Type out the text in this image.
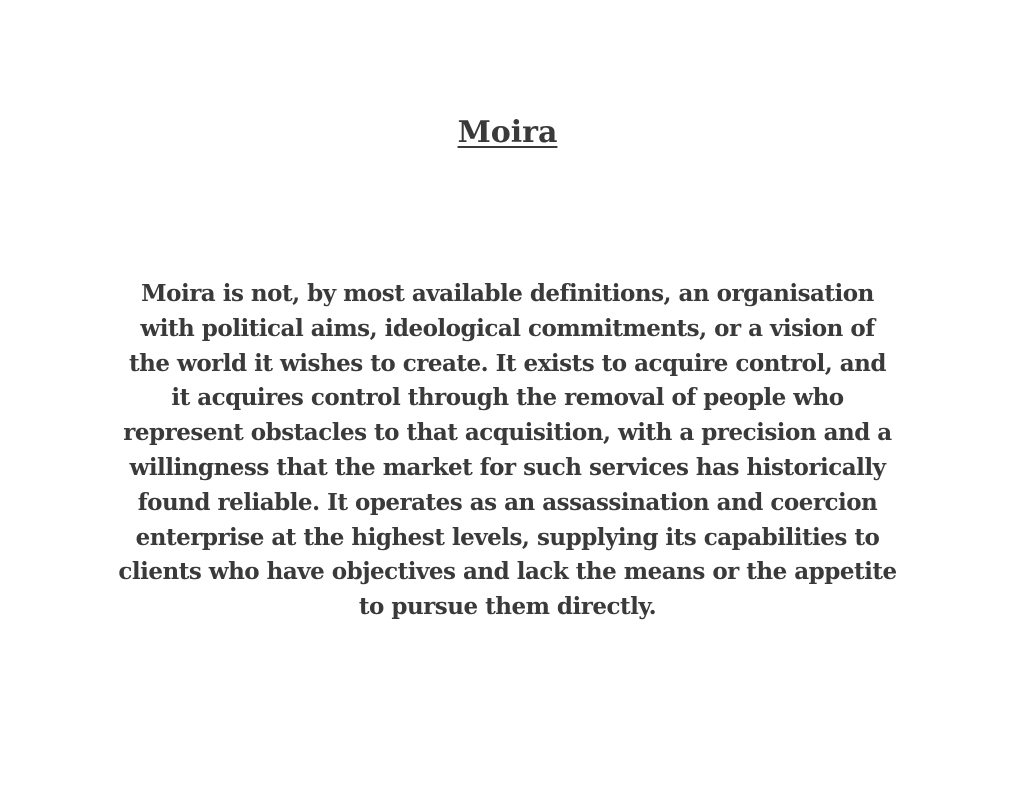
Moira

Moira is not, by most available definitions, an organisation with political aims, ideological commitments, or a vision of the world it wishes to create. It exists to acquire control, and it acquires control through the removal of people who represent obstacles to that acquisition, with a precision and a willingness that the market for such services has historically found reliable. It operates as an assassination and coercion enterprise at the highest levels, supplying its capabilities to clients who have objectives and lack the means or the appetite to pursue them directly.
